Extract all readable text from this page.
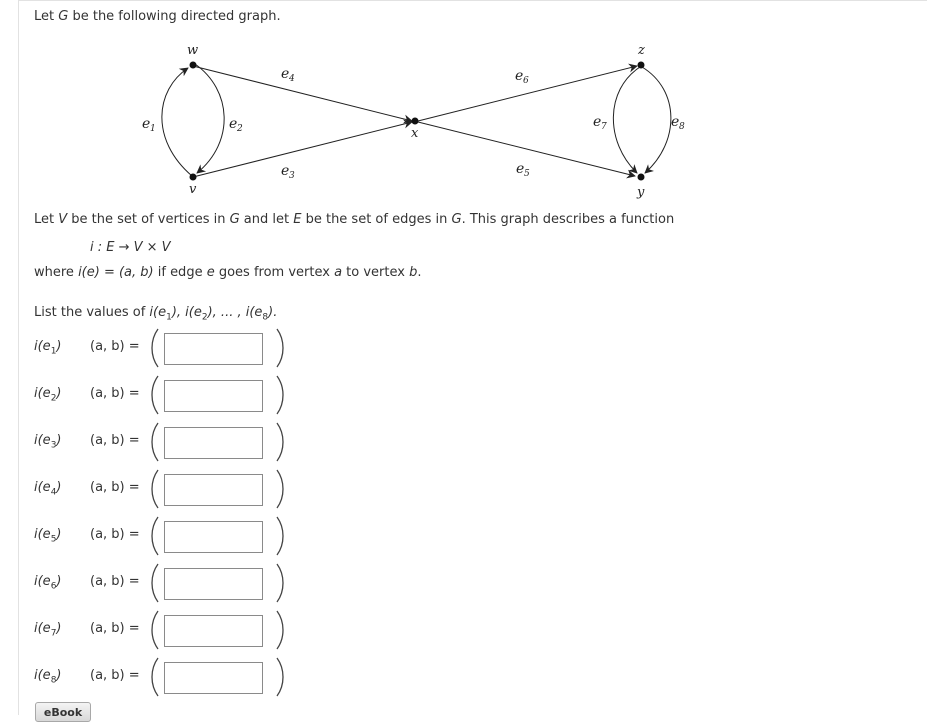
Let G be the following directed graph.
w
v
x
z
y
e 1	e 2
e 4
e 3
e 6
e 5
e 7	e 8
Let V be the set of vertices in G and let E be the set of edges in G. This graph describes a function
i : E → V × V
where i(e) = (a, b) if edge e goes from vertex a to vertex b.
List the values of $i(e_1)$, $i(e_2)$, ... , $i(e_8)$.
$i(e_1)$ (a, b) =
$i(e_2)$ (a, b) =
$i(e_3)$ (a, b) =
$i(e_4)$ (a, b) =
$i(e_5)$ (a, b) =
$i(e_6)$ (a, b) =
$i(e_7)$ (a, b) =
$i(e_8)$ (a, b) =
eBook
